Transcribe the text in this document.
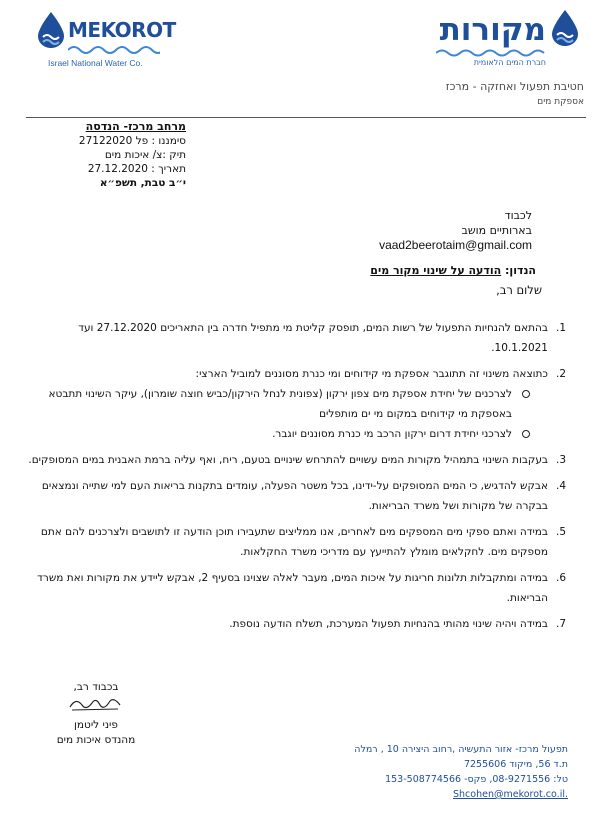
MEKOROT
Israel National Water Co.
מקורות
חברת המים הלאומית
חטיבת תפעול ואחזקה - מרכז
אספקת מים
מרחב מרכז- הנדסה
סימננו : פל 27122020
תיק :צ/ איכות מים
תאריך : 27.12.2020
י״ב טבת, תשפ״א
לכבוד
בארותיים מושב
vaad2beerotaim@gmail.com
הנדון: הודעה על שינוי מקור מים
שלום רב,
1.
בהתאם להנחיות התפעול של רשות המים, תופסק קליטת מי מתפיל חדרה בין התאריכים 27.12.2020 ועד 10.1.2021.
2.
כתוצאה משינוי זה תתוגבר אספקת מי קידוחים ומי כנרת מסוננים למוביל הארצי:
לצרכנים של יחידת אספקת מים צפון ירקון (צפונית לנחל הירקון/כביש חוצה שומרון), עיקר השינוי תתבטא באספקת מי קידוחים במקום מי ים מותפלים
לצרכני יחידת דרום ירקון הרכב מי כנרת מסוננים יוגבר.
3.
בעקבות השינוי בתמהיל מקורות המים עשויים להתרחש שינויים בטעם, ריח, ואף עליה ברמת האבנית במים המסופקים.
4.
אבקש להדגיש, כי המים המסופקים על-ידינו, בכל משטר הפעלה, עומדים בתקנות בריאות העם למי שתייה ונמצאים בבקרה של מקורות ושל משרד הבריאות.
5.
במידה ואתם ספקי מים המספקים מים לאחרים, אנו ממליצים שתעבירו תוכן הודעה זו לתושבים ולצרכנים להם אתם מספקים מים. לחקלאים מומלץ להתייעץ עם מדריכי משרד החקלאות.
6.
במידה ומתקבלות תלונות חריגות על איכות המים, מעבר לאלה שצוינו בסעיף 2, אבקש ליידע את מקורות ואת משרד הבריאות.
7.
במידה ויהיה שינוי מהותי בהנחיות תפעול המערכת, תשלח הודעה נוספת.
בכבוד רב,
פיני ליטמן
מהנדס איכות מים
תפעול מרכז- אזור התעשיה ,רחוב היצירה 10 , רמלה
ת.ד 56, מיקוד 7255606
טל: 08-9271556, פקס- 153-508774566
.Shcohen@mekorot.co.il
